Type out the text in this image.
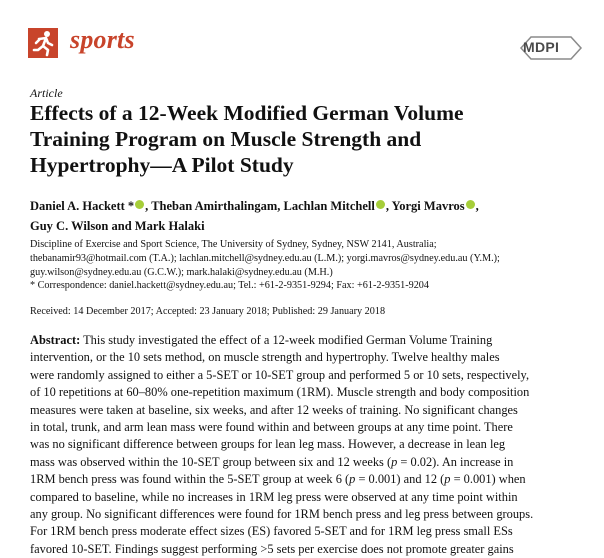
sports	MDPI
Article
Effects of a 12-Week Modified German Volume
Training Program on Muscle Strength and
Hypertrophy—A Pilot Study
Daniel A. Hackett * , Theban Amirthalingam, Lachlan Mitchell , Yorgi Mavros ,
Guy C. Wilson and Mark Halaki
Discipline of Exercise and Sport Science, The University of Sydney, Sydney, NSW 2141, Australia;
thebanamir93@hotmail.com (T.A.); lachlan.mitchell@sydney.edu.au (L.M.); yorgi.mavros@sydney.edu.au (Y.M.);
guy.wilson@sydney.edu.au (G.C.W.); mark.halaki@sydney.edu.au (M.H.)
* Correspondence: daniel.hackett@sydney.edu.au; Tel.: +61-2-9351-9294; Fax: +61-2-9351-9204
Received: 14 December 2017; Accepted: 23 January 2018; Published: 29 January 2018
Abstract: This study investigated the effect of a 12-week modified German Volume Training
intervention, or the 10 sets method, on muscle strength and hypertrophy. Twelve healthy males
were randomly assigned to either a 5-SET or 10-SET group and performed 5 or 10 sets, respectively,
of 10 repetitions at 60–80% one-repetition maximum (1RM). Muscle strength and body composition
measures were taken at baseline, six weeks, and after 12 weeks of training. No significant changes
in total, trunk, and arm lean mass were found within and between groups at any time point. There
was no significant difference between groups for lean leg mass. However, a decrease in lean leg
mass was observed within the 10-SET group between six and 12 weeks (p = 0.02). An increase in
1RM bench press was found within the 5-SET group at week 6 (p = 0.001) and 12 (p = 0.001) when
compared to baseline, while no increases in 1RM leg press were observed at any time point within
any group. No significant differences were found for 1RM bench press and leg press between groups.
For 1RM bench press moderate effect sizes (ES) favored 5-SET and for 1RM leg press small ESs
favored 10-SET. Findings suggest performing >5 sets per exercise does not promote greater gains
